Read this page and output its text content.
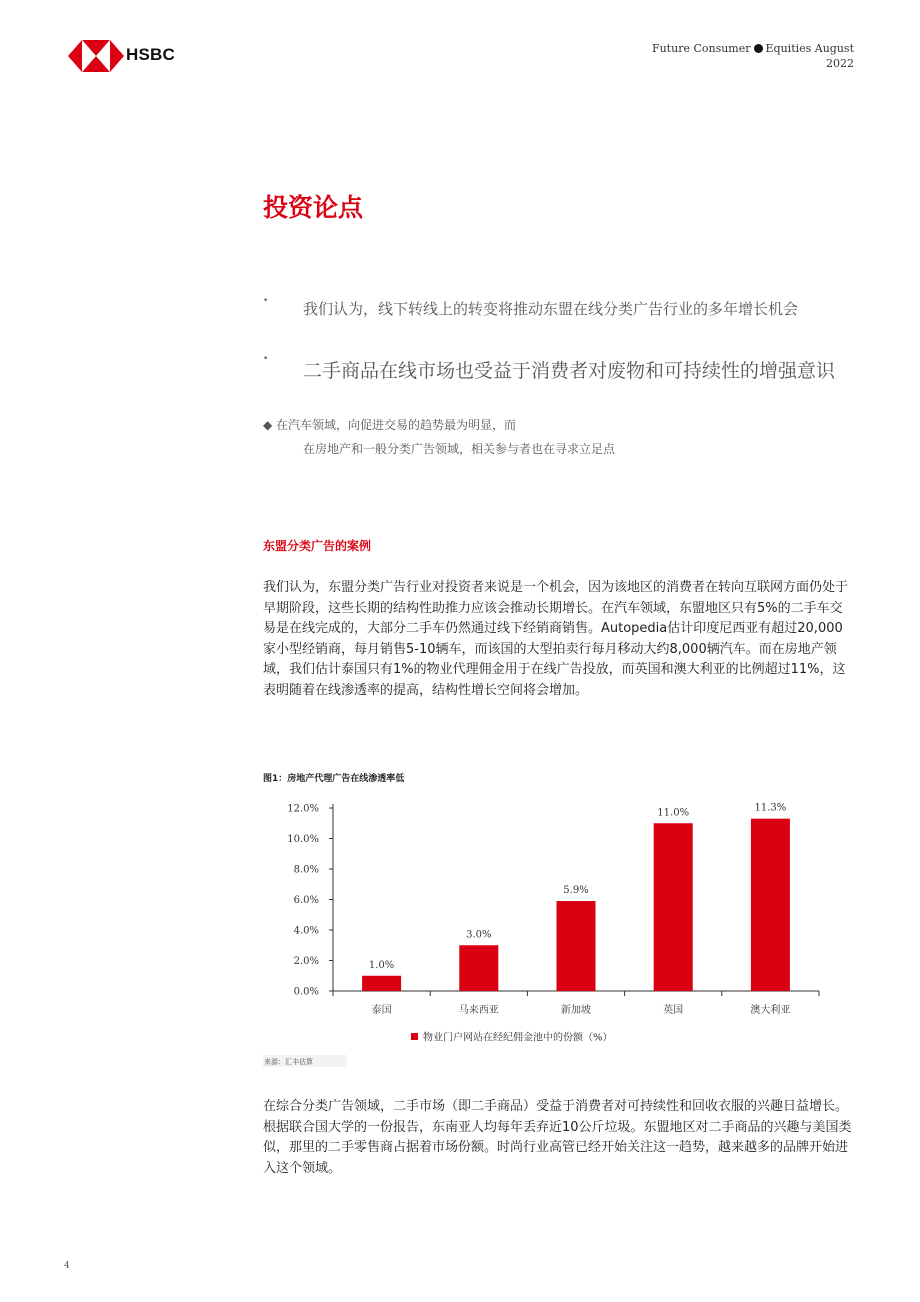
HSBC	Future Consumer Equities August
2022
投资论点
• 我们认为，线下转线上的转变将推动东盟在线分类广告行业的多年增长机会
•
二手商品在线市场也受益于消费者对废物和可持续性的增强意识
◆ 在汽车领域，向促进交易的趋势最为明显，而
在房地产和一般分类广告领域，相关参与者也在寻求立足点
东盟分类广告的案例
我们认为，东盟分类广告行业对投资者来说是一个机会，因为该地区的消费者在转向互联网方面仍处于早期阶段，这些长期的结构性助推力应该会推动长期增长。在汽车领域，东盟地区只有5%的二手车交易是在线完成的，大部分二手车仍然通过线下经销商销售。Autopedia估计印度尼西亚有超过20,000家小型经销商，每月销售5-10辆车，而该国的大型拍卖行每月移动大约8,000辆汽车。而在房地产领域，我们估计泰国只有1%的物业代理佣金用于在线广告投放，而英国和澳大利亚的比例超过11%，这表明随着在线渗透率的提高，结构性增长空间将会增加。
图1：房地产代理广告在线渗透率低
0.0%
2.0%
4.0%
6.0%
8.0%
10.0%
12.0%
泰国	马来西亚	新加坡	英国	澳大利亚
1.0%
3.0%
5.9%
11.0%	11.3%
物业门户网站在经纪佣金池中的份额（%）
来源：汇丰估算
在综合分类广告领域，二手市场（即二手商品）受益于消费者对可持续性和回收衣服的兴趣日益增长。根据联合国大学的一份报告，东南亚人均每年丢弃近10公斤垃圾。东盟地区对二手商品的兴趣与美国类似，那里的二手零售商占据着市场份额。时尚行业高管已经开始关注这一趋势，越来越多的品牌开始进入这个领域。
4
